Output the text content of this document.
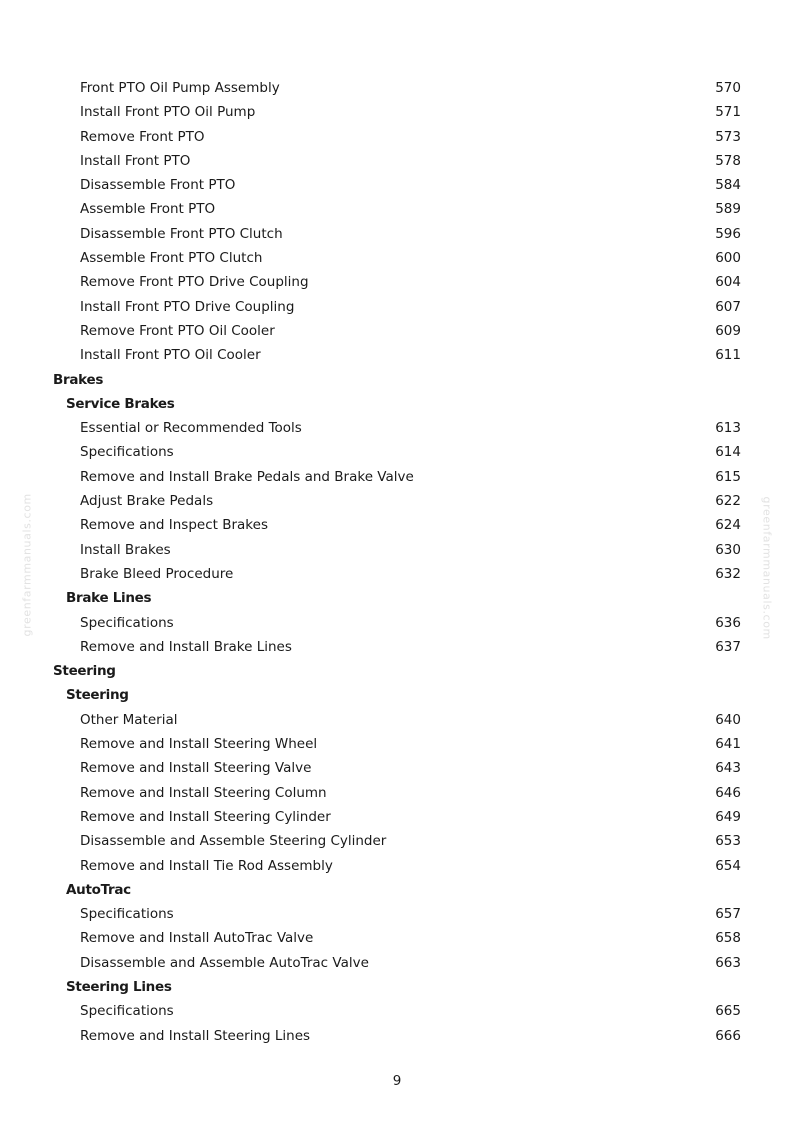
Front PTO Oil Pump Assembly	570
Install Front PTO Oil Pump	571
Remove Front PTO	573
Install Front PTO	578
Disassemble Front PTO	584
Assemble Front PTO	589
Disassemble Front PTO Clutch	596
Assemble Front PTO Clutch	600
Remove Front PTO Drive Coupling	604
Install Front PTO Drive Coupling	607
Remove Front PTO Oil Cooler	609
Install Front PTO Oil Cooler	611
Brakes
Service Brakes
Essential or Recommended Tools	613
Specifications	614
Remove and Install Brake Pedals and Brake Valve	615
Adjust Brake Pedals	622
Remove and Inspect Brakes	624
Install Brakes	630
Brake Bleed Procedure	632
Brake Lines
Specifications	636
Remove and Install Brake Lines	637
Steering
Steering
Other Material	640
Remove and Install Steering Wheel	641
Remove and Install Steering Valve	643
Remove and Install Steering Column	646
Remove and Install Steering Cylinder	649
Disassemble and Assemble Steering Cylinder	653
Remove and Install Tie Rod Assembly	654
AutoTrac
Specifications	657
Remove and Install AutoTrac Valve	658
Disassemble and Assemble AutoTrac Valve	663
Steering Lines
Specifications	665
Remove and Install Steering Lines	666
greenfarmmanuals.com	greenfarmmanuals.com
9
